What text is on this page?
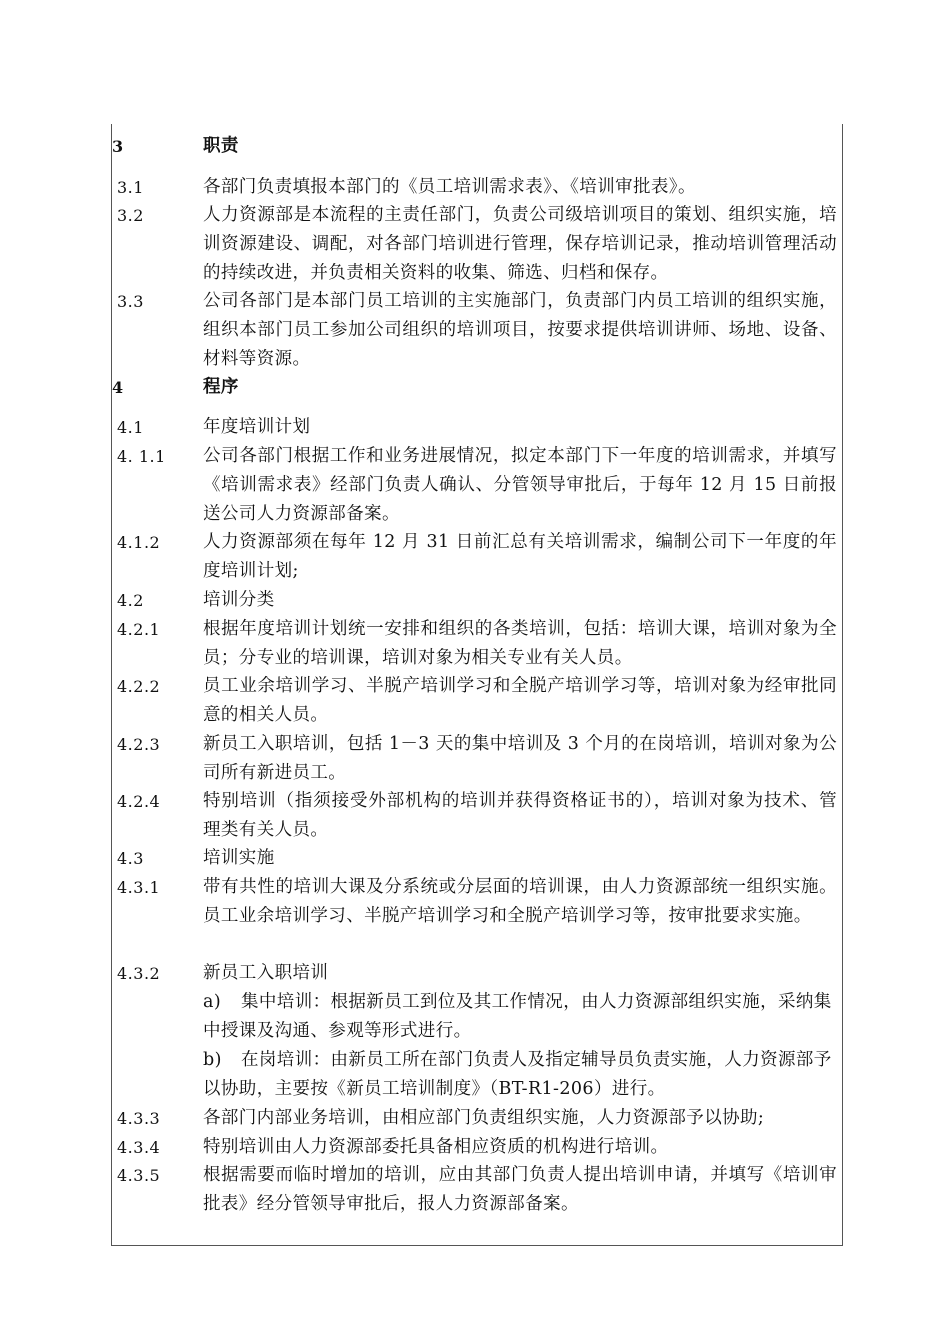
3	职责
3.1	各部门负责填报本部门的《员工培训需求表》、《培训审批表》。
3.2	人力资源部是本流程的主责任部门，负责公司级培训项目的策划、组织实施，培训资源建设、调配，对各部门培训进行管理，保存培训记录，推动培训管理活动的持续改进，并负责相关资料的收集、筛选、归档和保存。
3.3	公司各部门是本部门员工培训的主实施部门，负责部门内员工培训的组织实施，组织本部门员工参加公司组织的培训项目，按要求提供培训讲师、场地、设备、材料等资源。
4	程序
4.1	年度培训计划
4. 1.1 公司各部门根据工作和业务进展情况，拟定本部门下一年度的培训需求，并填写《培训需求表》经部门负责人确认、分管领导审批后，于每年 12 月 15 日前报送公司人力资源部备案。
4.1.2 人力资源部须在每年 12 月 31 日前汇总有关培训需求，编制公司下一年度的年度培训计划;
4.2	培训分类
4.2.1 根据年度培训计划统一安排和组织的各类培训，包括：培训大课，培训对象为全员；分专业的培训课，培训对象为相关专业有关人员。
4.2.2 员工业余培训学习、半脱产培训学习和全脱产培训学习等，培训对象为经审批同意的相关人员。
4.2.3 新员工入职培训，包括 1－3 天的集中培训及 3 个月的在岗培训，培训对象为公司所有新进员工。
4.2.4 特别培训（指须接受外部机构的培训并获得资格证书的），培训对象为技术、管理类有关人员。
4.3	培训实施
4.3.1 带有共性的培训大课及分系统或分层面的培训课，由人力资源部统一组织实施。员工业余培训学习、半脱产培训学习和全脱产培训学习等，按审批要求实施。
4.3.2 新员工入职培训
a) 集中培训：根据新员工到位及其工作情况，由人力资源部组织实施，采纳集中授课及沟通、参观等形式进行。
b) 在岗培训：由新员工所在部门负责人及指定辅导员负责实施，人力资源部予以协助，主要按《新员工培训制度》（BT-R1-206）进行。
4.3.3 各部门内部业务培训，由相应部门负责组织实施，人力资源部予以协助;
4.3.4 特别培训由人力资源部委托具备相应资质的机构进行培训。
4.3.5 根据需要而临时增加的培训，应由其部门负责人提出培训申请，并填写《培训审批表》经分管领导审批后，报人力资源部备案。
